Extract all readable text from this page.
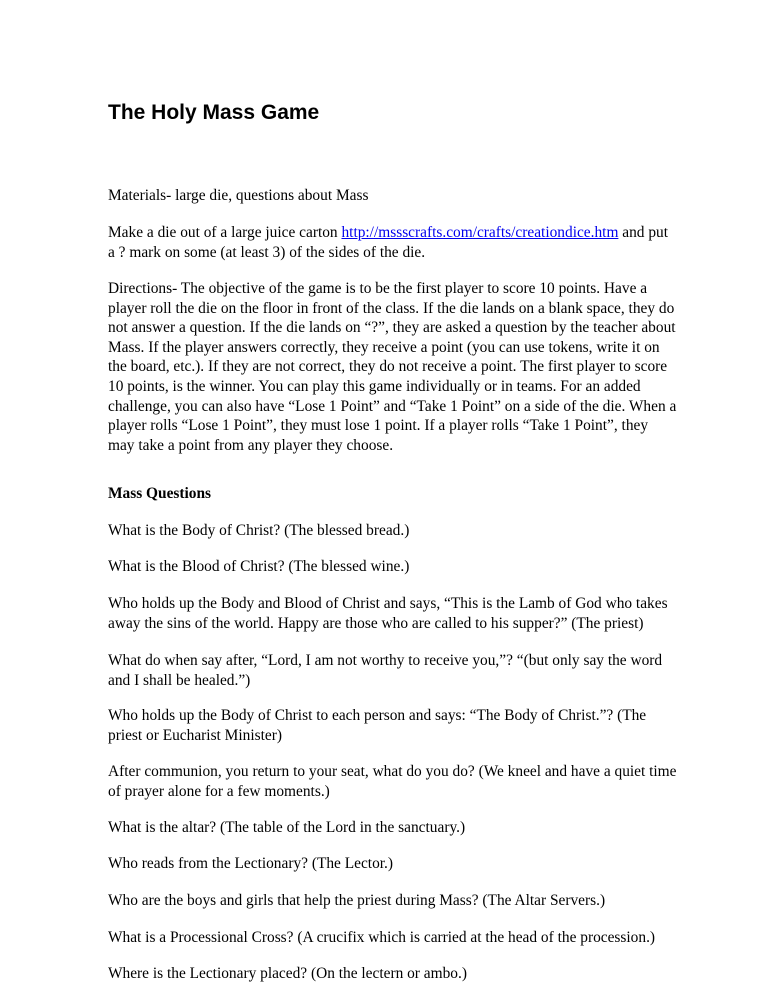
The Holy Mass Game

Materials- large die, questions about Mass

Make a die out of a large juice carton http://mssscrafts.com/crafts/creationdice.htm and put a ? mark on some (at least 3) of the sides of the die.

Directions- The objective of the game is to be the first player to score 10 points. Have a player roll the die on the floor in front of the class. If the die lands on a blank space, they do not answer a question. If the die lands on “?”, they are asked a question by the teacher about Mass. If the player answers correctly, they receive a point (you can use tokens, write it on the board, etc.). If they are not correct, they do not receive a point. The first player to score 10 points, is the winner. You can play this game individually or in teams. For an added challenge, you can also have “Lose 1 Point” and “Take 1 Point” on a side of the die. When a player rolls “Lose 1 Point”, they must lose 1 point. If a player rolls “Take 1 Point”, they may take a point from any player they choose.

Mass Questions

What is the Body of Christ? (The blessed bread.)

What is the Blood of Christ? (The blessed wine.)

Who holds up the Body and Blood of Christ and says, “This is the Lamb of God who takes away the sins of the world. Happy are those who are called to his supper?” (The priest)

What do when say after, “Lord, I am not worthy to receive you,”? “(but only say the word and I shall be healed.”)

Who holds up the Body of Christ to each person and says: “The Body of Christ.”? (The priest or Eucharist Minister)

After communion, you return to your seat, what do you do? (We kneel and have a quiet time of prayer alone for a few moments.)

What is the altar? (The table of the Lord in the sanctuary.)

Who reads from the Lectionary? (The Lector.)

Who are the boys and girls that help the priest during Mass? (The Altar Servers.)

What is a Processional Cross? (A crucifix which is carried at the head of the procession.)

Where is the Lectionary placed? (On the lectern or ambo.)
